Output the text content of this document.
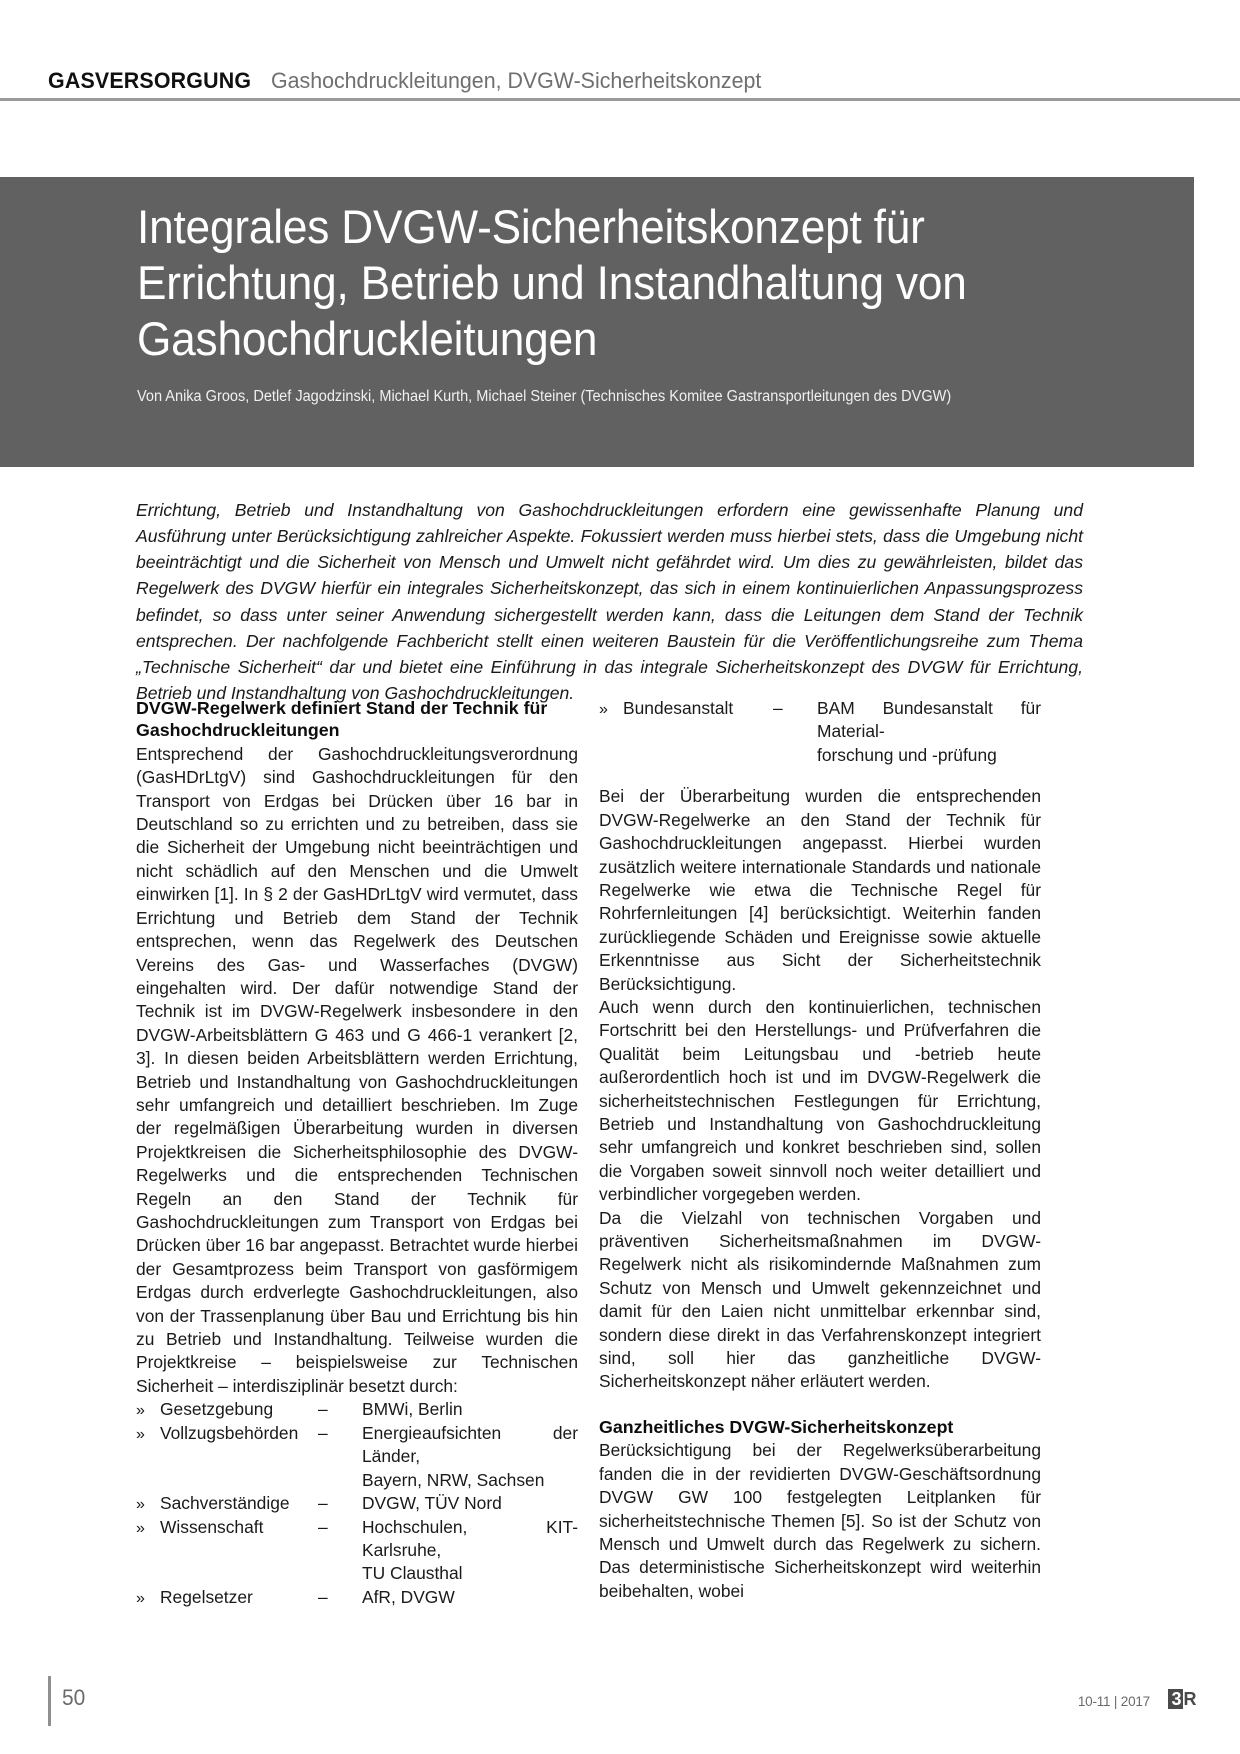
GASVERSORGUNG Gashochdruckleitungen, DVGW-Sicherheitskonzept
Integrales DVGW-Sicherheitskonzept für Errichtung, Betrieb und Instandhaltung von Gashochdruckleitungen
Von Anika Groos, Detlef Jagodzinski, Michael Kurth, Michael Steiner (Technisches Komitee Gastransportleitungen des DVGW)
Errichtung, Betrieb und Instandhaltung von Gashochdruckleitungen erfordern eine gewissenhafte Planung und Ausführung unter Berücksichtigung zahlreicher Aspekte. Fokussiert werden muss hierbei stets, dass die Umgebung nicht beeinträchtigt und die Sicherheit von Mensch und Umwelt nicht gefährdet wird. Um dies zu gewährleisten, bildet das Regelwerk des DVGW hierfür ein integrales Sicherheitskonzept, das sich in einem kontinuierlichen Anpassungsprozess befindet, so dass unter seiner Anwendung sichergestellt werden kann, dass die Leitungen dem Stand der Technik entsprechen. Der nachfolgende Fachbericht stellt einen weiteren Baustein für die Veröffentlichungsreihe zum Thema „Technische Sicherheit“ dar und bietet eine Einführung in das integrale Sicherheitskonzept des DVGW für Errichtung, Betrieb und Instandhaltung von Gashochdruckleitungen.
DVGW-Regelwerk definiert Stand der Technik für Gashochdruckleitungen

Entsprechend der Gashochdruckleitungsverordnung (GasHDrLtgV) sind Gashochdruckleitungen für den Transport von Erdgas bei Drücken über 16 bar in Deutschland so zu errichten und zu betreiben, dass sie die Sicherheit der Umgebung nicht beeinträchtigen und nicht schädlich auf den Menschen und die Umwelt einwirken [1]. In § 2 der GasHDrLtgV wird vermutet, dass Errichtung und Betrieb dem Stand der Technik entsprechen, wenn das Regelwerk des Deutschen Vereins des Gas- und Wasserfaches (DVGW) eingehalten wird. Der dafür notwendige Stand der Technik ist im DVGW-Regelwerk insbesondere in den DVGW-Arbeitsblättern G 463 und G 466-1 verankert [2, 3]. In diesen beiden Arbeitsblättern werden Errichtung, Betrieb und Instandhaltung von Gashochdruckleitungen sehr umfangreich und detailliert beschrieben. Im Zuge der regelmäßigen Überarbeitung wurden in diversen Projektkreisen die Sicherheitsphilosophie des DVGW-Regelwerks und die entsprechenden Technischen Regeln an den Stand der Technik für Gashochdruckleitungen zum Transport von Erdgas bei Drücken über 16 bar angepasst. Betrachtet wurde hierbei der Gesamtprozess beim Transport von gasförmigem Erdgas durch erdverlegte Gashochdruckleitungen, also von der Trassenplanung über Bau und Errichtung bis hin zu Betrieb und Instandhaltung. Teilweise wurden die Projektkreise – beispielsweise zur Technischen Sicherheit – interdisziplinär besetzt durch:

» Gesetzgebung	–	BMWi, Berlin
» Vollzugsbehörden	–	Energieaufsichten der Länder,
Bayern, NRW, Sachsen
» Sachverständige	–	DVGW, TÜV Nord
» Wissenschaft	–	Hochschulen, KIT-Karlsruhe,
TU Clausthal
» Regelsetzer	–	AfR, DVGW
» Bundesanstalt	–	BAM Bundesanstalt für Material-
forschung und -prüfung

Bei der Überarbeitung wurden die entsprechenden DVGW-Regelwerke an den Stand der Technik für Gashochdruckleitungen angepasst. Hierbei wurden zusätzlich weitere internationale Standards und nationale Regelwerke wie etwa die Technische Regel für Rohrfernleitungen [4] berücksichtigt. Weiterhin fanden zurückliegende Schäden und Ereignisse sowie aktuelle Erkenntnisse aus Sicht der Sicherheitstechnik Berücksichtigung.

Auch wenn durch den kontinuierlichen, technischen Fortschritt bei den Herstellungs- und Prüfverfahren die Qualität beim Leitungsbau und -betrieb heute außerordentlich hoch ist und im DVGW-Regelwerk die sicherheitstechnischen Festlegungen für Errichtung, Betrieb und Instandhaltung von Gashochdruckleitung sehr umfangreich und konkret beschrieben sind, sollen die Vorgaben soweit sinnvoll noch weiter detailliert und verbindlicher vorgegeben werden.

Da die Vielzahl von technischen Vorgaben und präventiven Sicherheitsmaßnahmen im DVGW-Regelwerk nicht als risikomindernde Maßnahmen zum Schutz von Mensch und Umwelt gekennzeichnet und damit für den Laien nicht unmittelbar erkennbar sind, sondern diese direkt in das Verfahrenskonzept integriert sind, soll hier das ganzheitliche DVGW-Sicherheitskonzept näher erläutert werden.

Ganzheitliches DVGW-Sicherheitskonzept

Berücksichtigung bei der Regelwerksüberarbeitung fanden die in der revidierten DVGW-Geschäftsordnung DVGW GW 100 festgelegten Leitplanken für sicherheitstechnische Themen [5]. So ist der Schutz von Mensch und Umwelt durch das Regelwerk zu sichern. Das deterministische Sicherheitskonzept wird weiterhin beibehalten, wobei

50	10-11 | 2017 3 R
